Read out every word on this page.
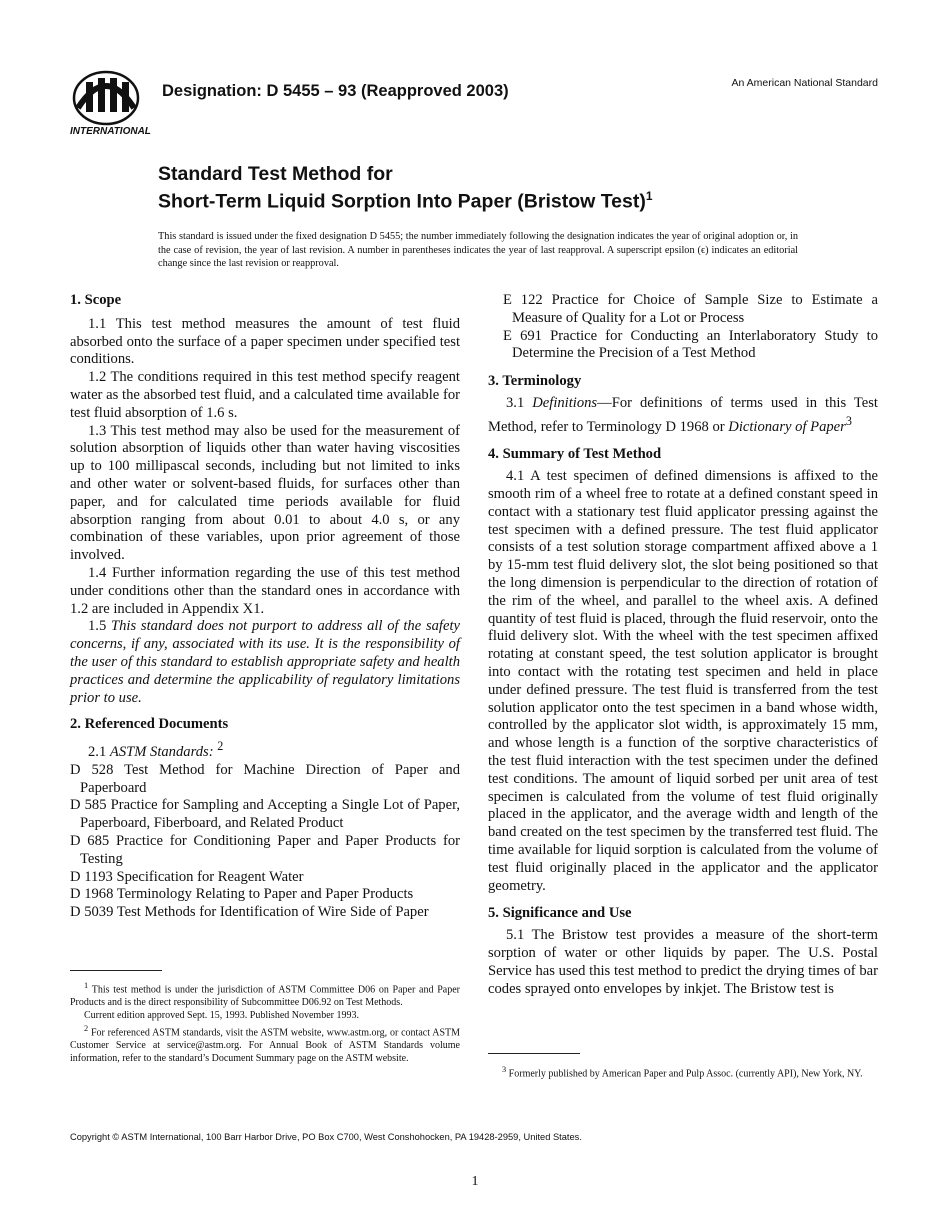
INTERNATIONAL
Designation: D 5455 – 93 (Reapproved 2003)	An American National Standard
Standard Test Method for
Short-Term Liquid Sorption Into Paper (Bristow Test)$^1$
This standard is issued under the fixed designation D 5455; the number immediately following the designation indicates the year of original adoption or, in the case of revision, the year of last revision. A number in parentheses indicates the year of last reapproval. A superscript epsilon (ϵ) indicates an editorial change since the last revision or reapproval.
1. Scope

1.1 This test method measures the amount of test fluid absorbed onto the surface of a paper specimen under specified test conditions.

1.2 The conditions required in this test method specify reagent water as the absorbed test fluid, and a calculated time available for test fluid absorption of 1.6 s.

1.3 This test method may also be used for the measurement of solution absorption of liquids other than water having viscosities up to 100 millipascal seconds, including but not limited to inks and other water or solvent-based fluids, for surfaces other than paper, and for calculated time periods available for fluid absorption ranging from about 0.01 to about 4.0 s, or any combination of these variables, upon prior agreement of those involved.

1.4 Further information regarding the use of this test method under conditions other than the standard ones in accordance with 1.2 are included in Appendix X1.

1.5 This standard does not purport to address all of the safety concerns, if any, associated with its use. It is the responsibility of the user of this standard to establish appropriate safety and health practices and determine the applicability of regulatory limitations prior to use.

2. Referenced Documents

2.1 ASTM Standards: $^2$

D 528 Test Method for Machine Direction of Paper and Paperboard
D 585 Practice for Sampling and Accepting a Single Lot of Paper, Paperboard, Fiberboard, and Related Product
D 685 Practice for Conditioning Paper and Paper Products for Testing
D 1193 Specification for Reagent Water
D 1968 Terminology Relating to Paper and Paper Products
D 5039 Test Methods for Identification of Wire Side of Paper

$^1$ This test method is under the jurisdiction of ASTM Committee D06 on Paper and Paper Products and is the direct responsibility of Subcommittee D06.92 on Test Methods.

Current edition approved Sept. 15, 1993. Published November 1993.

$^2$ For referenced ASTM standards, visit the ASTM website, www.astm.org, or contact ASTM Customer Service at service@astm.org. For Annual Book of ASTM Standards volume information, refer to the standard’s Document Summary page on the ASTM website.

E 122 Practice for Choice of Sample Size to Estimate a Measure of Quality for a Lot or Process
E 691 Practice for Conducting an Interlaboratory Study to Determine the Precision of a Test Method
3. Terminology

3.1 Definitions—For definitions of terms used in this Test Method, refer to Terminology D 1968 or Dictionary of Paper$^3$

4. Summary of Test Method

4.1 A test specimen of defined dimensions is affixed to the smooth rim of a wheel free to rotate at a defined constant speed in contact with a stationary test fluid applicator pressing against the test specimen with a defined pressure. The test fluid applicator consists of a test solution storage compartment affixed above a 1 by 15-mm test fluid delivery slot, the slot being positioned so that the long dimension is perpendicular to the direction of rotation of the rim of the wheel, and parallel to the wheel axis. A defined quantity of test fluid is placed, through the fluid reservoir, onto the fluid delivery slot. With the wheel with the test specimen affixed rotating at constant speed, the test solution applicator is brought into contact with the rotating test specimen and held in place under defined pressure. The test fluid is transferred from the test solution applicator onto the test specimen in a band whose width, controlled by the applicator slot width, is approximately 15 mm, and whose length is a function of the sorptive characteristics of the test fluid interaction with the test specimen under the defined test conditions. The amount of liquid sorbed per unit area of test specimen is calculated from the volume of test fluid originally placed in the applicator, and the average width and length of the band created on the test specimen by the transferred test fluid. The time available for liquid sorption is calculated from the volume of test fluid originally placed in the applicator and the applicator geometry.

5. Significance and Use

5.1 The Bristow test provides a measure of the short-term sorption of water or other liquids by paper. The U.S. Postal Service has used this test method to predict the drying times of bar codes sprayed onto envelopes by inkjet. The Bristow test is

$^3$ Formerly published by American Paper and Pulp Assoc. (currently API), New York, NY.

Copyright © ASTM International, 100 Barr Harbor Drive, PO Box C700, West Conshohocken, PA 19428-2959, United States.
1
